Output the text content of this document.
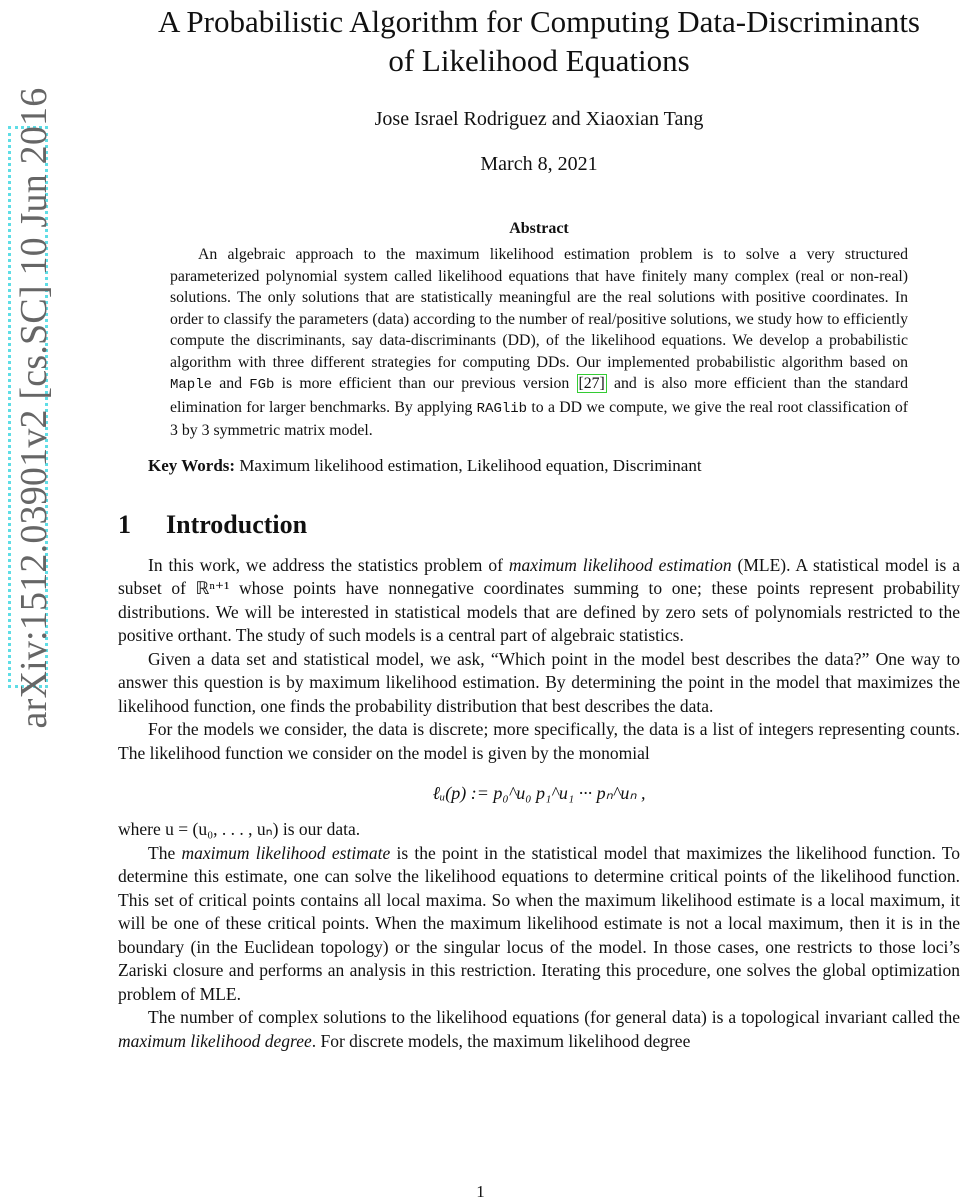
arXiv:1512.03901v2 [cs.SC] 10 Jun 2016
A Probabilistic Algorithm for Computing Data-Discriminants
of Likelihood Equations
Jose Israel Rodriguez and Xiaoxian Tang
March 8, 2021
Abstract
An algebraic approach to the maximum likelihood estimation problem is to solve a very structured parameterized polynomial system called likelihood equations that have finitely many complex (real or non-real) solutions. The only solutions that are statistically meaningful are the real solutions with positive coordinates. In order to classify the parameters (data) according to the number of real/positive solutions, we study how to efficiently compute the discriminants, say data-discriminants (DD), of the likelihood equations. We develop a probabilistic algorithm with three different strategies for computing DDs. Our implemented probabilistic algorithm based on Maple and FGb is more efficient than our previous version [27] and is also more efficient than the standard elimination for larger benchmarks. By applying RAGlib to a DD we compute, we give the real root classification of 3 by 3 symmetric matrix model.
Key Words: Maximum likelihood estimation, Likelihood equation, Discriminant
1 Introduction

In this work, we address the statistics problem of maximum likelihood estimation (MLE). A statistical model is a subset of ℝⁿ⁺¹ whose points have nonnegative coordinates summing to one; these points represent probability distributions. We will be interested in statistical models that are defined by zero sets of polynomials restricted to the positive orthant. The study of such models is a central part of algebraic statistics.

Given a data set and statistical model, we ask, “Which point in the model best describes the data?” One way to answer this question is by maximum likelihood estimation. By determining the point in the model that maximizes the likelihood function, one finds the probability distribution that best describes the data.

For the models we consider, the data is discrete; more specifically, the data is a list of integers representing counts. The likelihood function we consider on the model is given by the monomial

ℓᵤ(p) := p₀^u₀ p₁^u₁ ··· pₙ^uₙ ,

where u = (u₀, . . . , uₙ) is our data.

The maximum likelihood estimate is the point in the statistical model that maximizes the likelihood function. To determine this estimate, one can solve the likelihood equations to determine critical points of the likelihood function. This set of critical points contains all local maxima. So when the maximum likelihood estimate is a local maximum, it will be one of these critical points. When the maximum likelihood estimate is not a local maximum, then it is in the boundary (in the Euclidean topology) or the singular locus of the model. In those cases, one restricts to those loci’s Zariski closure and performs an analysis in this restriction. Iterating this procedure, one solves the global optimization problem of MLE.

The number of complex solutions to the likelihood equations (for general data) is a topological invariant called the maximum likelihood degree. For discrete models, the maximum likelihood degree

1
